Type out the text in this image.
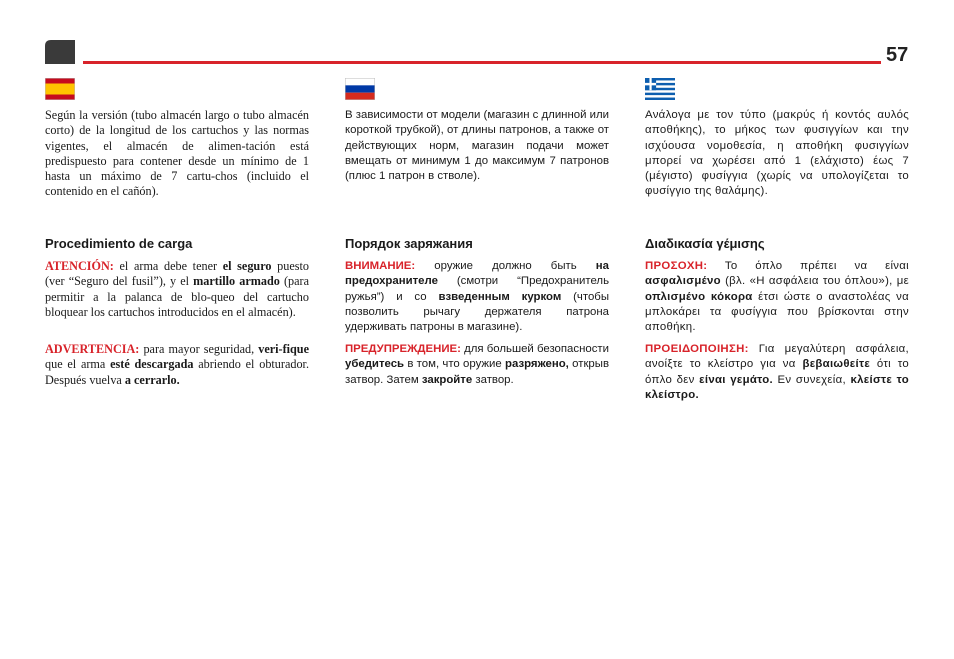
57

Según la versión (tubo almacén largo o tubo almacén corto) de la longitud de los cartuchos y las normas vigentes, el almacén de alimen-tación está predispuesto para contener desde un mínimo de 1 hasta un máximo de 7 cartu-chos (incluido el contenido en el cañón).

Procedimiento de carga

ATENCIÓN: el arma debe tener el seguro puesto (ver “Seguro del fusil”), y el martillo armado (para permitir a la palanca de blo-queo del cartucho bloquear los cartuchos introducidos en el almacén).

ADVERTENCIA: para mayor seguridad, veri-fique que el arma esté descargada abriendo el obturador. Después vuelva a cerrarlo.

В зависимости от модели (магазин с длинной или короткой трубкой), от длины патронов, а также от действующих норм, магазин подачи может вмещать от минимум 1 до максимум 7 патронов (плюс 1 патрон в стволе).

Порядок заряжания

ВНИМАНИЕ: оружие должно быть на предохранителе (смотри “Предохранитель ружья”) и со взведенным курком (чтобы позволить рычагу держателя патрона удерживать патроны в магазине).

ПРЕДУПРЕЖДЕНИЕ: для большей безопасности убедитесь в том, что оружие разряжено, открыв затвор. Затем закройте затвор.

Ανάλογα με τον τύπο (μακρύς ή κοντός αυλός αποθήκης), το μήκος των φυσιγγίων και την ισχύουσα νομοθεσία, η αποθήκη φυσιγγίων μπορεί να χωρέσει από 1 (ελάχιστο) έως 7 (μέγιστο) φυσίγγια (χωρίς να υπολογίζεται το φυσίγγιο της θαλάμης).

Διαδικασία γέμισης

ΠΡΟΣΟΧΗ: Το όπλο πρέπει να είναι ασφαλισμένο (βλ. «Η ασφάλεια του όπλου»), με οπλισμένο κόκορα έτσι ώστε ο αναστολέας να μπλοκάρει τα φυσίγγια που βρίσκονται στην αποθήκη.

ΠΡΟΕΙΔΟΠΟΙΗΣΗ: Για μεγαλύτερη ασφάλεια, ανοίξτε το κλείστρο για να βεβαιωθείτε ότι το όπλο δεν είναι γεμάτο. Εν συνεχεία, κλείστε το κλείστρο.
